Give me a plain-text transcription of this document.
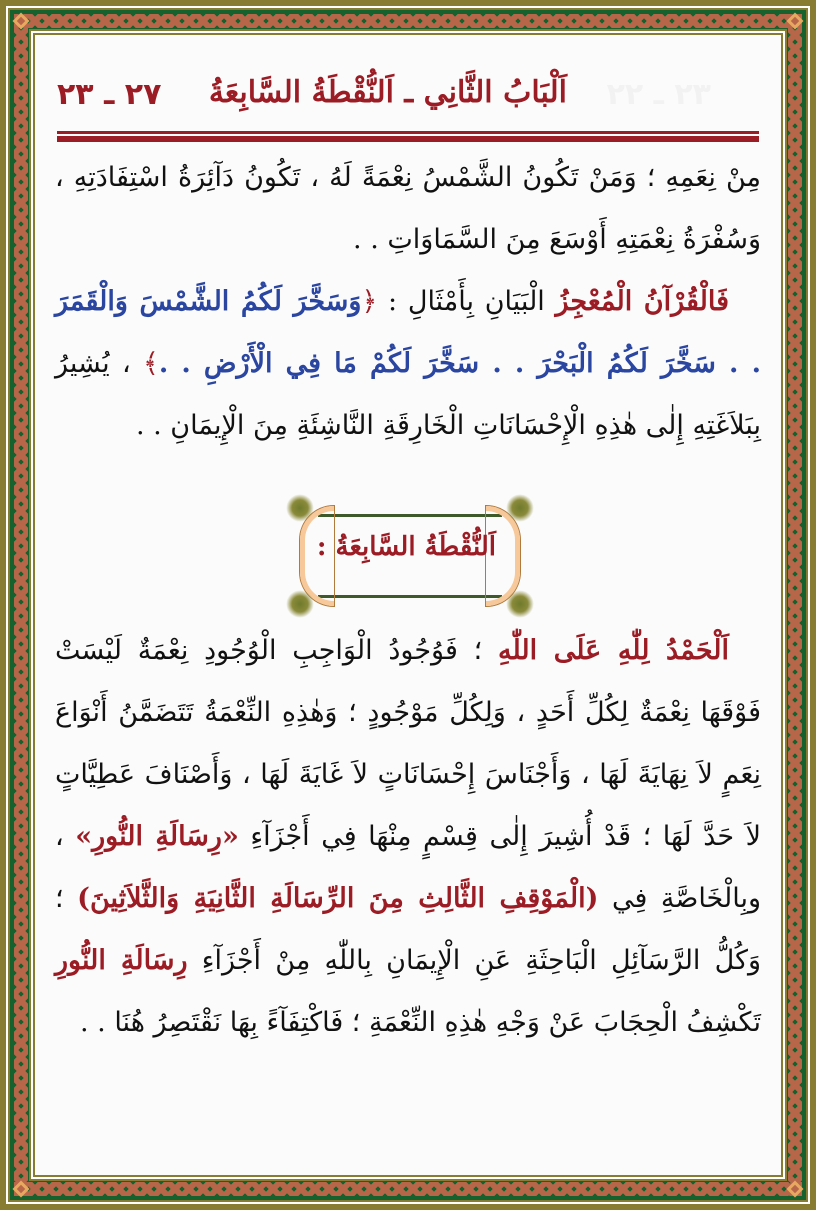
٢٣ ـ ٢٢
اَلْبَابُ الثَّانِي ـ اَلنُّقْطَةُ السَّابِعَةُ
٢٧ ـ ٢٣

مِنْ نِعَمِهِ ؛ وَمَنْ تَكُونُ الشَّمْسُ نِعْمَةً لَهُ ، تَكُونُ دَآئِرَةُ اسْتِفَادَتِهِ ، وَسُفْرَةُ نِعْمَتِهِ أَوْسَعَ مِنَ السَّمَاوَاتِ . .

فَالْقُرْآنُ الْمُعْجِزُ الْبَيَانِ بِأَمْثَالِ : ﴿وَسَخَّرَ لَكُمُ الشَّمْسَ وَالْقَمَرَ . . سَخَّرَ لَكُمُ الْبَحْرَ . . سَخَّرَ لَكُمْ مَا فِي الْأَرْضِ . .﴾ ، يُشِيرُ بِبَلاَغَتِهِ إِلٰى هٰذِهِ الْإِحْسَانَاتِ الْخَارِقَةِ النَّاشِئَةِ مِنَ الْإِيمَانِ . .

اَلنُّقْطَةُ السَّابِعَةُ :

اَلْحَمْدُ لِلّٰهِ عَلَى اللّٰهِ ؛ فَوُجُودُ الْوَاجِبِ الْوُجُودِ نِعْمَةٌ لَيْسَتْ فَوْقَهَا نِعْمَةٌ لِكُلِّ أَحَدٍ ، وَلِكُلِّ مَوْجُودٍ ؛ وَهٰذِهِ النِّعْمَةُ تَتَضَمَّنُ أَنْوَاعَ نِعَمٍ لاَ نِهَايَةَ لَهَا ، وَأَجْنَاسَ إِحْسَانَاتٍ لاَ غَايَةَ لَهَا ، وَأَصْنَافَ عَطِيَّاتٍ لاَ حَدَّ لَهَا ؛ قَدْ أُشِيرَ إِلٰى قِسْمٍ مِنْهَا فِي أَجْزَآءِ «رِسَالَةِ النُّورِ» ، وبِالْخَاصَّةِ فِي (الْمَوْقِفِ الثَّالِثِ مِنَ الرِّسَالَةِ الثَّانِيَةِ وَالثَّلاَثِينَ) ؛ وَكُلُّ الرَّسَآئِلِ الْبَاحِثَةِ عَنِ الْإِيمَانِ بِاللّٰهِ مِنْ أَجْزَآءِ رِسَالَةِ النُّورِ تَكْشِفُ الْحِجَابَ عَنْ وَجْهِ هٰذِهِ النِّعْمَةِ ؛ فَاكْتِفَآءً بِهَا نَقْتَصِرُ هُنَا . .
